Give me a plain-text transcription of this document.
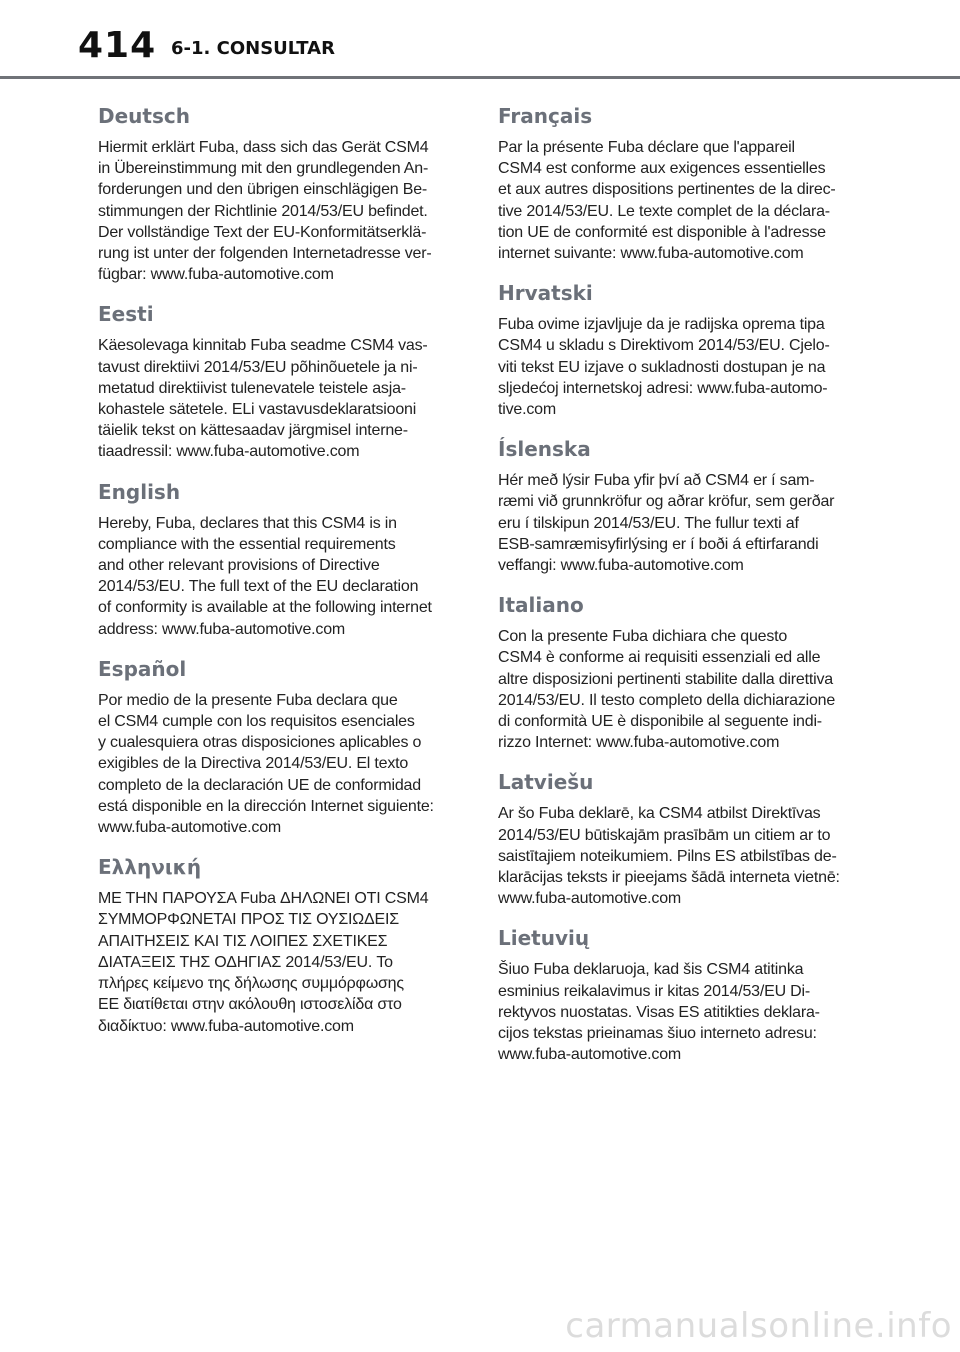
414 6-1. CONSULTAR
Deutsch

Hiermit erklärt Fuba, dass sich das Gerät CSM4
in Übereinstimmung mit den grundlegenden An-
forderungen und den übrigen einschlägigen Be-
stimmungen der Richtlinie 2014/53/EU befindet.
Der vollständige Text der EU-Konformitätserklä-
rung ist unter der folgenden Internetadresse ver-
fügbar: www.fuba-automotive.com

Eesti

Käesolevaga kinnitab Fuba seadme CSM4 vas-
tavust direktiivi 2014/53/EU põhinõuetele ja ni-
metatud direktiivist tulenevatele teistele asja-
kohastele sätetele. ELi vastavusdeklaratsiooni
täielik tekst on kättesaadav järgmisel interne-
tiaadressil: www.fuba-automotive.com

English

Hereby, Fuba, declares that this CSM4 is in
compliance with the essential requirements
and other relevant provisions of Directive
2014/53/EU. The full text of the EU declaration
of conformity is available at the following internet
address: www.fuba-automotive.com

Español

Por medio de la presente Fuba declara que
el CSM4 cumple con los requisitos esenciales
y cualesquiera otras disposiciones aplicables o
exigibles de la Directiva 2014/53/EU. El texto
completo de la declaración UE de conformidad
está disponible en la dirección Internet siguiente:
www.fuba-automotive.com

Ελληνική

ΜΕ ΤΗΝ ΠΑΡΟΥΣΑ Fuba ΔΗΛΩΝΕΙ ΟΤΙ CSM4
ΣΥΜΜΟΡΦΩΝΕΤΑΙ ΠΡΟΣ ΤΙΣ ΟΥΣΙΩΔΕΙΣ
ΑΠΑΙΤΗΣΕΙΣ ΚΑΙ ΤΙΣ ΛΟΙΠΕΣ ΣΧΕΤΙΚΕΣ
ΔΙΑΤΑΞΕΙΣ ΤΗΣ ΟΔΗΓΙΑΣ 2014/53/EU. Το
πλήρες κείμενο της δήλωσης συμμόρφωσης
ΕΕ διατίθεται στην ακόλουθη ιστοσελίδα στο
διαδίκτυο: www.fuba-automotive.com

Français

Par la présente Fuba déclare que l'appareil
CSM4 est conforme aux exigences essentielles
et aux autres dispositions pertinentes de la direc-
tive 2014/53/EU. Le texte complet de la déclara-
tion UE de conformité est disponible à l'adresse
internet suivante: www.fuba-automotive.com

Hrvatski

Fuba ovime izjavljuje da je radijska oprema tipa
CSM4 u skladu s Direktivom 2014/53/EU. Cjelo-
viti tekst EU izjave o sukladnosti dostupan je na
sljedećoj internetskoj adresi: www.fuba-automo-
tive.com

Íslenska

Hér með lýsir Fuba yfir því að CSM4 er í sam-
ræmi við grunnkröfur og aðrar kröfur, sem gerðar
eru í tilskipun 2014/53/EU. The fullur texti af
ESB-samræmisyfirlýsing er í boði á eftirfarandi
veffangi: www.fuba-automotive.com

Italiano

Con la presente Fuba dichiara che questo
CSM4 è conforme ai requisiti essenziali ed alle
altre disposizioni pertinenti stabilite dalla direttiva
2014/53/EU. Il testo completo della dichiarazione
di conformità UE è disponibile al seguente indi-
rizzo Internet: www.fuba-automotive.com

Latviešu

Ar šo Fuba deklarē, ka CSM4 atbilst Direktīvas
2014/53/EU būtiskajām prasībām un citiem ar to
saistītajiem noteikumiem. Pilns ES atbilstības de-
klarācijas teksts ir pieejams šādā interneta vietnē:
www.fuba-automotive.com

Lietuvių

Šiuo Fuba deklaruoja, kad šis CSM4 atitinka
esminius reikalavimus ir kitas 2014/53/EU Di-
rektyvos nuostatas. Visas ES atitikties deklara-
cijos tekstas prieinamas šiuo interneto adresu:
www.fuba-automotive.com

carmanualsonline.info
